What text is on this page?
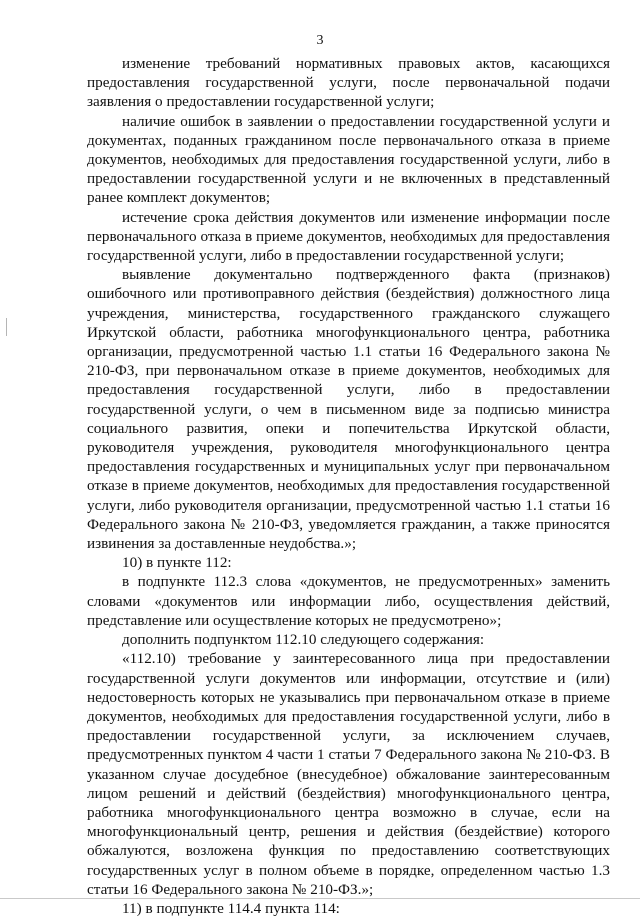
3

изменение требований нормативных правовых актов, касающихся предоставления государственной услуги, после первоначальной подачи заявления о предоставлении государственной услуги;

наличие ошибок в заявлении о предоставлении государственной услуги и документах, поданных гражданином после первоначального отказа в приеме документов, необходимых для предоставления государственной услуги, либо в предоставлении государственной услуги и не включенных в представленный ранее комплект документов;

истечение срока действия документов или изменение информации после первоначального отказа в приеме документов, необходимых для предоставления государственной услуги, либо в предоставлении государственной услуги;

выявление документально подтвержденного факта (признаков) ошибочного или противоправного действия (бездействия) должностного лица учреждения, министерства, государственного гражданского служащего Иркутской области, работника многофункционального центра, работника организации, предусмотренной частью 1.1 статьи 16 Федерального закона № 210-ФЗ, при первоначальном отказе в приеме документов, необходимых для предоставления государственной услуги, либо в предоставлении государственной услуги, о чем в письменном виде за подписью министра социального развития, опеки и попечительства Иркутской области, руководителя учреждения, руководителя многофункционального центра предоставления государственных и муниципальных услуг при первоначальном отказе в приеме документов, необходимых для предоставления государственной услуги, либо руководителя организации, предусмотренной частью 1.1 статьи 16 Федерального закона № 210-ФЗ, уведомляется гражданин, а также приносятся извинения за доставленные неудобства.»;

10) в пункте 112:

в подпункте 112.3 слова «документов, не предусмотренных» заменить словами «документов или информации либо, осуществления действий, представление или осуществление которых не предусмотрено»;

дополнить подпунктом 112.10 следующего содержания:

«112.10) требование у заинтересованного лица при предоставлении государственной услуги документов или информации, отсутствие и (или) недостоверность которых не указывались при первоначальном отказе в приеме документов, необходимых для предоставления государственной услуги, либо в предоставлении государственной услуги, за исключением случаев, предусмотренных пунктом 4 части 1 статьи 7 Федерального закона № 210-ФЗ. В указанном случае досудебное (внесудебное) обжалование заинтересованным лицом решений и действий (бездействия) многофункционального центра, работника многофункционального центра возможно в случае, если на многофункциональный центр, решения и действия (бездействие) которого обжалуются, возложена функция по предоставлению соответствующих государственных услуг в полном объеме в порядке, определенном частью 1.3 статьи 16 Федерального закона № 210-ФЗ.»;

11) в подпункте 114.4 пункта 114:
